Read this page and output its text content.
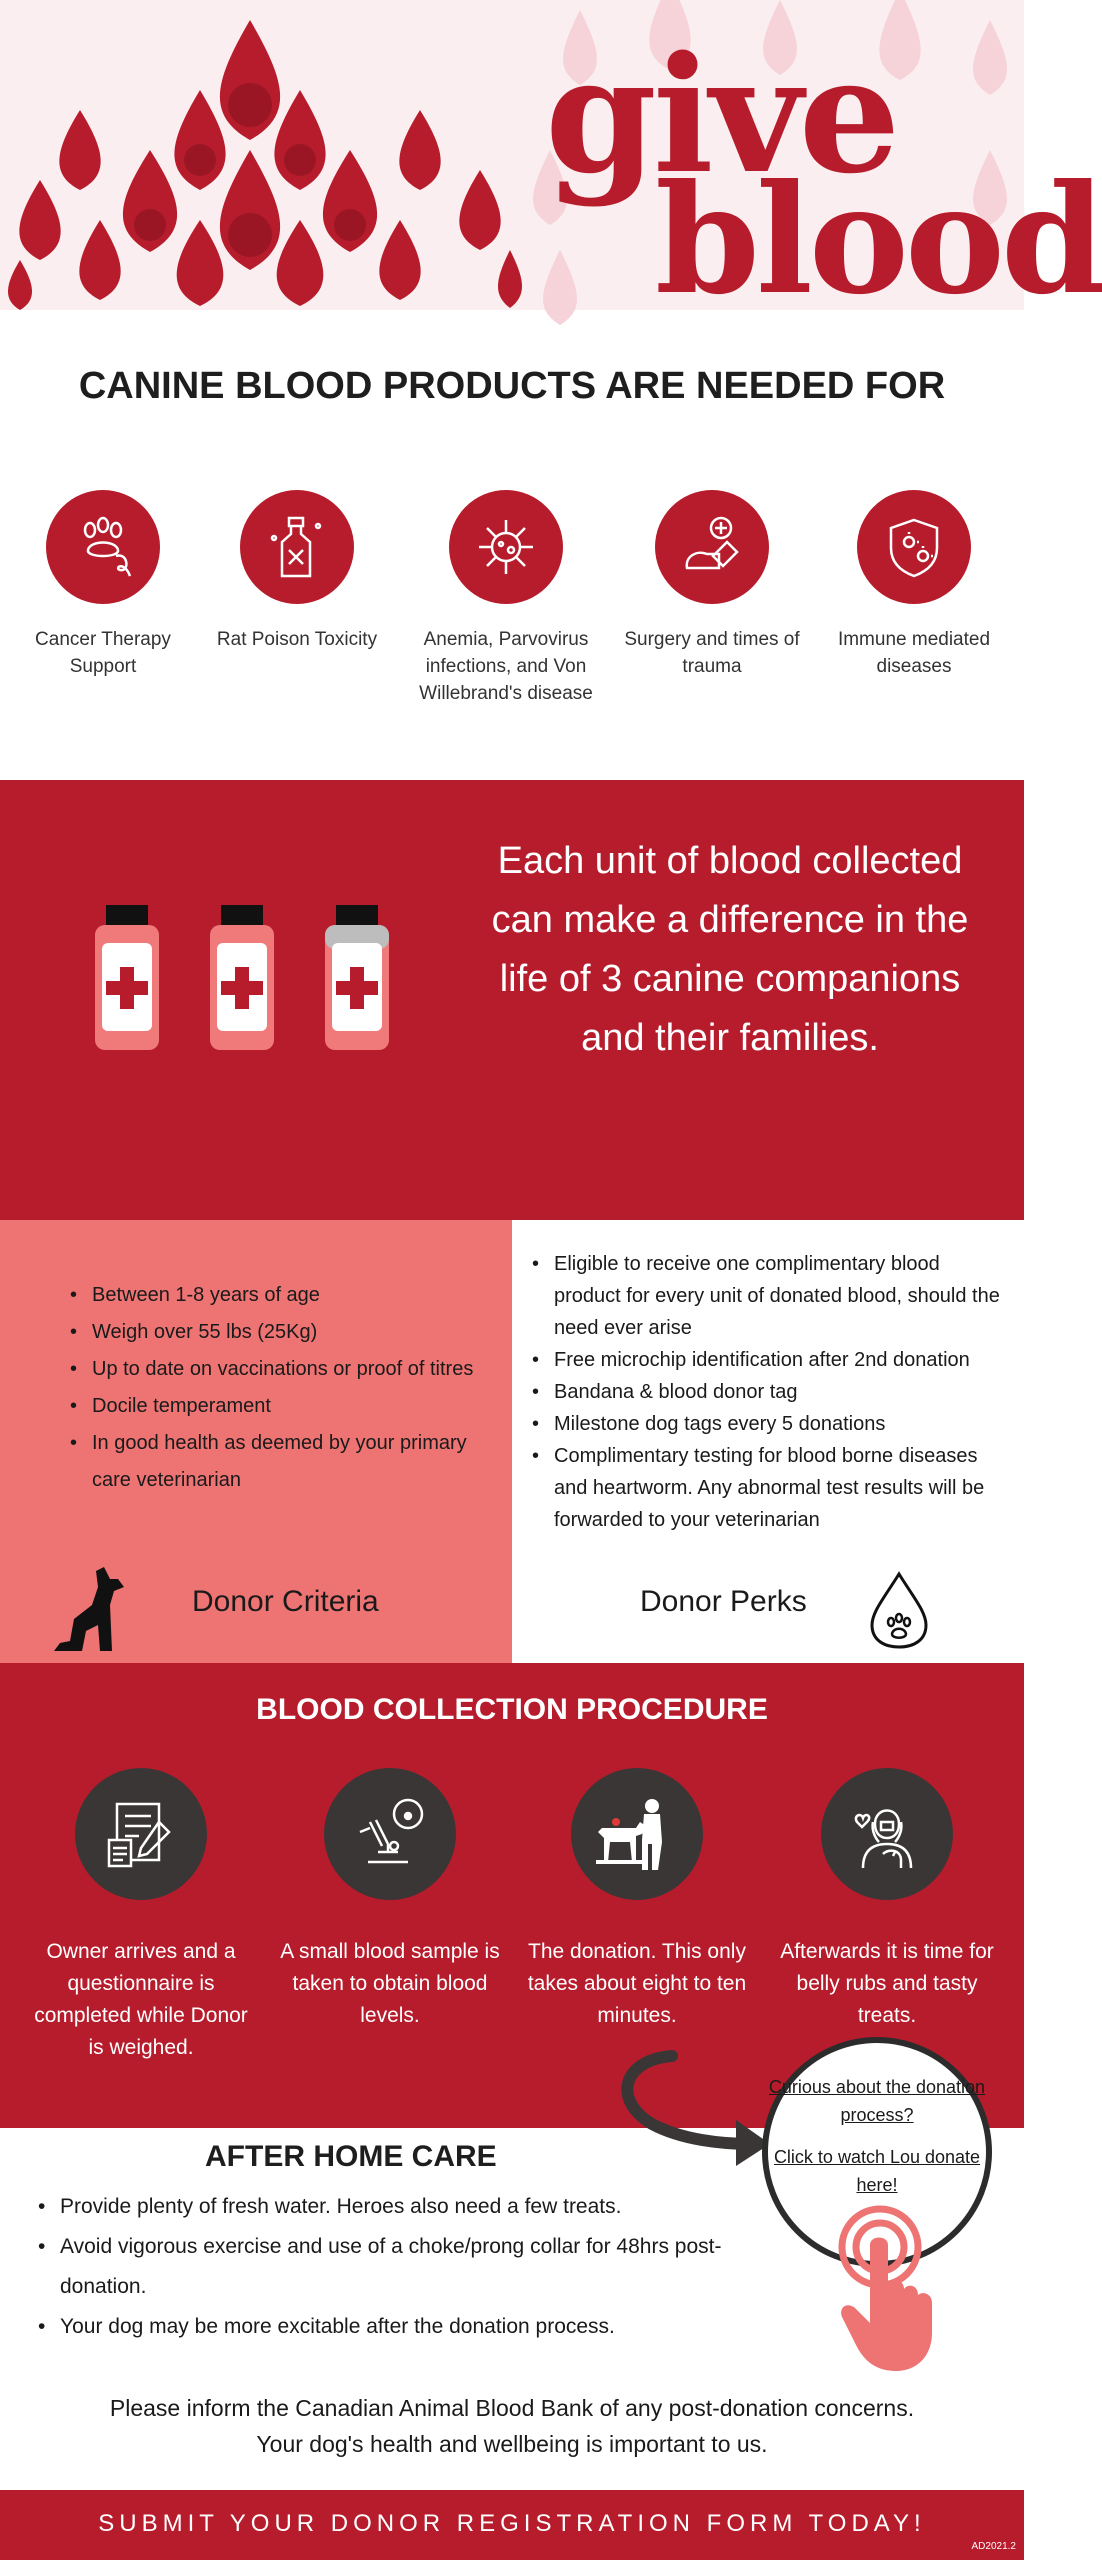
give
blood
CANINE BLOOD PRODUCTS ARE NEEDED FOR
Cancer Therapy Support
Rat Poison Toxicity	Anemia, Parvovirus infections, and Von Willebrand's disease
Surgery and times of trauma
Immune mediated diseases
Each unit of blood collected can make a difference in the life of 3 canine companions and their families.
• Between 1-8 years of age
• Weigh over 55 lbs (25Kg)
• Up to date on vaccinations or proof of titres
• Docile temperament
• In good health as deemed by your primary care veterinarian
Donor Criteria
• Eligible to receive one complimentary blood product for every unit of donated blood, should the need ever arise
• Free microchip identification after 2nd donation
• Bandana & blood donor tag
• Milestone dog tags every 5 donations
• Complimentary testing for blood borne diseases and heartworm. Any abnormal test results will be forwarded to your veterinarian
Donor Perks
BLOOD COLLECTION PROCEDURE
Owner arrives and a questionnaire is completed while Donor is weighed.
A small blood sample is taken to obtain blood levels.
The donation. This only takes about eight to ten minutes.
Afterwards it is time for belly rubs and tasty treats.
AFTER HOME CARE
• Provide plenty of fresh water. Heroes also need a few treats.
• Avoid vigorous exercise and use of a choke/prong collar for 48hrs post-donation.
• Your dog may be more excitable after the donation process.
Curious about the donation process?
Click to watch Lou donate here!
Please inform the Canadian Animal Blood Bank of any post-donation concerns.
Your dog's health and wellbeing is important to us.
SUBMIT YOUR DONOR REGISTRATION FORM TODAY!
AD2021.2
